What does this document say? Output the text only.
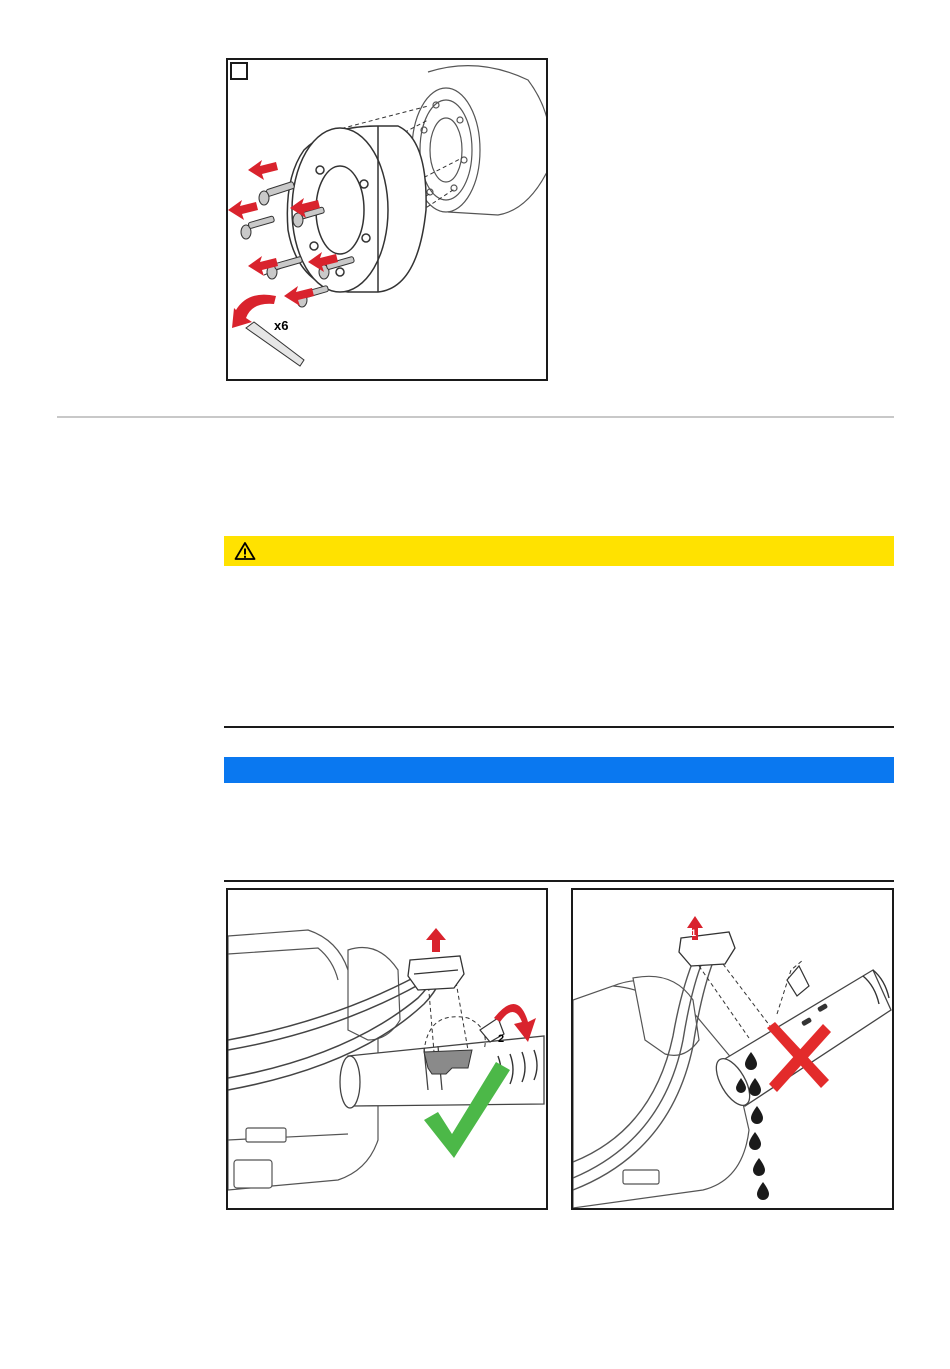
x6
2
1
